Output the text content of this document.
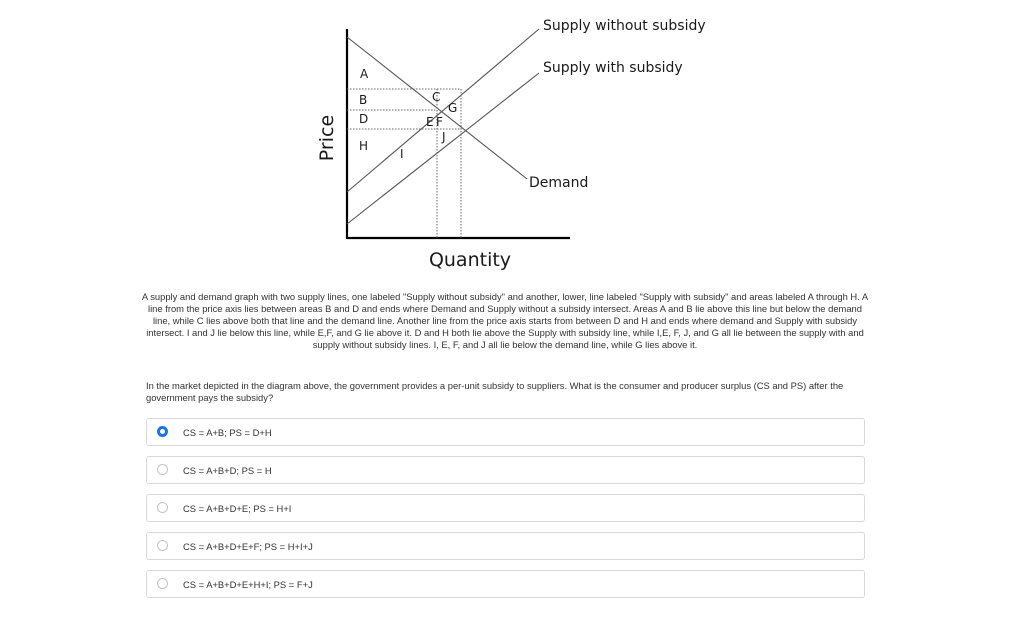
Price
Quantity
Supply without subsidy
Supply with subsidy
Demand
A
B	C
D	E F
G
H
I
J
A supply and demand graph with two supply lines, one labeled "Supply without subsidy" and another, lower, line labeled "Supply with subsidy" and areas labeled A through H. A line from the price axis lies between areas B and D and ends where Demand and Supply without a subsidy intersect. Areas A and B lie above this line but below the demand line, while C lies above both that line and the demand line. Another line from the price axis starts from between D and H and ends where demand and Supply with subsidy intersect. I and J lie below this line, while E,F, and G lie above it. D and H both lie above the Supply with subsidy line, while I,E, F, J, and G all lie between the supply with and supply without subsidy lines. I, E, F, and J all lie below the demand line, while G lies above it.
In the market depicted in the diagram above, the government provides a per-unit subsidy to suppliers. What is the consumer and producer surplus (CS and PS) after the government pays the subsidy?
CS = A+B; PS = D+H
CS = A+B+D; PS = H
CS = A+B+D+E; PS = H+I
CS = A+B+D+E+F; PS = H+I+J
CS = A+B+D+E+H+I; PS = F+J
